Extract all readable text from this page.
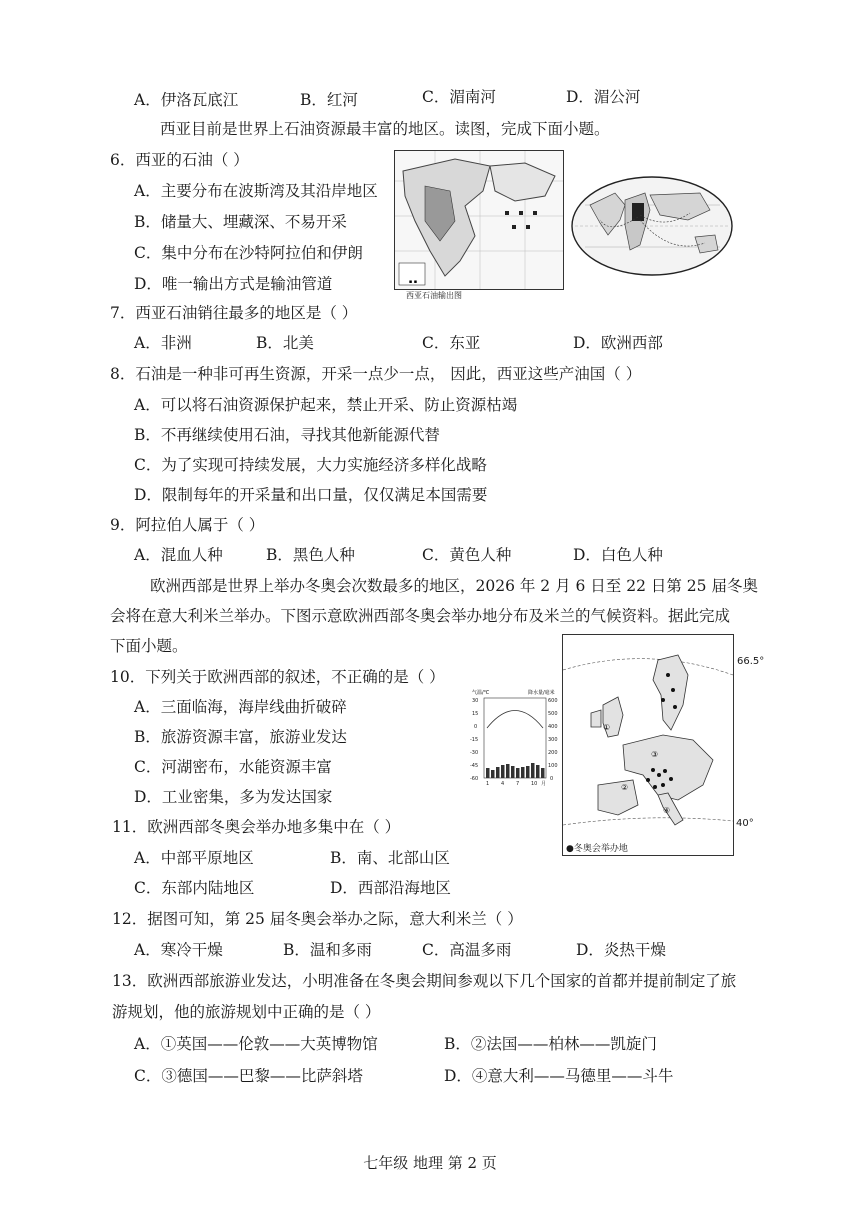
A．伊洛瓦底江	B．红河	C．湄南河	D．湄公河
西亚目前是世界上石油资源最丰富的地区。读图，完成下面小题。
6．西亚的石油（ ）
A．主要分布在波斯湾及其沿岸地区
B．储量大、埋藏深、不易开采
C．集中分布在沙特阿拉伯和伊朗
D．唯一输出方式是输油管道	▪ ▪
西亚石油输出图
7．西亚石油销往最多的地区是（ ）
A．非洲	B．北美	C．东亚	D．欧洲西部
8．石油是一种非可再生资源，开采一点少一点， 因此，西亚这些产油国（ ）
A．可以将石油资源保护起来，禁止开采、防止资源枯竭
B．不再继续使用石油，寻找其他新能源代替
C．为了实现可持续发展，大力实施经济多样化战略
D．限制每年的开采量和出口量，仅仅满足本国需要
9．阿拉伯人属于（ ）
A．混血人种	B．黑色人种	C．黄色人种	D．白色人种
欧洲西部是世界上举办冬奥会次数最多的地区，2026 年 2 月 6 日至 22 日第 25 届冬奥
会将在意大利米兰举办。下图示意欧洲西部冬奥会举办地分布及米兰的气候资料。据此完成
下面小题。
10．下列关于欧洲西部的叙述，不正确的是（ ）
A．三面临海，海岸线曲折破碎
B．旅游资源丰富，旅游业发达
C．河湖密布，水能资源丰富
D．工业密集，多为发达国家
气温/℃	降水量/毫米
30
15
0
-15
-30
-45
-60
600
500
400
300
200
100
0
1 4 7 10 月
①
②
③
④
66.5°
40°
●冬奥会举办地
11．欧洲西部冬奥会举办地多集中在（ ）
A．中部平原地区	B．南、北部山区
C．东部内陆地区	D．西部沿海地区
12．据图可知，第 25 届冬奥会举办之际，意大利米兰（ ）
A．寒冷干燥	B．温和多雨	C．高温多雨	D．炎热干燥
13．欧洲西部旅游业发达，小明准备在冬奥会期间参观以下几个国家的首都并提前制定了旅
游规划，他的旅游规划中正确的是（ ）
A．①英国——伦敦——大英博物馆	B．②法国——柏林——凯旋门
C．③德国——巴黎——比萨斜塔	D．④意大利——马德里——斗牛
七年级 地理 第 2 页
